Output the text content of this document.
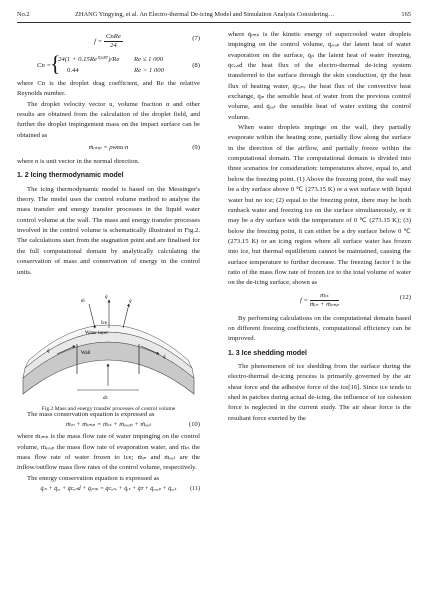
No.2	ZHANG Yingying, et al. An Electro-thermal De-icing Model and Simulation Analysis Considering…	165
$f = \frac{\text{CᴅRe}}{24}$	(7)
Cᴅ =
{
24(1 + 0.15Re⁰·⁶⁸⁷)/Re Re ≤ 1 000
0.44	Re > 1 000
(8)

where Cᴅ is the droplet drag coefficient, and Re the relative Reynolds number.

The droplet velocity vector u, volume fraction α and other results are obtained from the calculation of the droplet field, and further the droplet impingement mass on the impact surface can be obtained as

ṁᵢₘₚ = ρᴡαu·n	(9)

where n is unit vector in the normal direction.

1. 2 Icing thermodynamic model

The icing thermodynamic model is based on the Messinger's theory. The model uses the control volume method to analyse the mass transfer and energy transfer processes in the liquid water control volume at the wall. The mass and energy transfer processes involved in the control volume is schematically illustrated in Fig.2. The calculations start from the stagnation point and are finalised for the full computational domain by analytically calculating the conservation of mass and conservation of energy in the control units.

ṁ
q̇
q̇
q̇
q̇
dx
Ice
Water layer
Wall
Fig.2 Mass and energy transfer processes of control volume

The mass conservation equation is expressed as

ṁᵢₙ + ṁᵢₘₚ = ṁᵢₛ + ṁₑᵥₐₚ + ṁₒᵤₜ	(10)

where ṁᵢₘₚ is the mass flow rate of water impinging on the control volume, ṁₑᵥₐₚ the mass flow rate of evaporation water, and ṁᵢₛ the mass flow rate of water frozen to ice; ṁᵢₙ and ṁₒᵤₜ are the inflow/outflow mass flow rates of the control volume, respectively.

The energy conservation equation is expressed as

q̇ᵢₙ + q̇ₑₓ + q̇ᴄₒₙd + q̇ᵢₘₚ = q̇ᴄₒₙᵥ + q̇ᵢₛ + q̇ᴛ + q̇ₑᵥₐₚ + q̇ₒᵤₜ (11)

where q̇ᵢₘₚ is the kinetic energy of supercooled water droplets impinging on the control volume, q̇ₑᵥₐₚ the latent heat of water evaporation on the surface, q̇ᵢₛ the latent heat of water freezing, q̇ᴄₒₙd the heat flux of the electro-thermal de-icing system transferred to the surface through the skin conduction, q̇ᴛ the heat flux of heating water, q̇ᴄₒₙᵥ the heat flux of the convective heat exchange, q̇ᵢₙ the sensible heat of water from the previous control volume, and q̇ₒᵤₜ the sensible heat of water exiting the control volume.

When water droplets impinge on the wall, they partially evaporate within the heating zone, partially flow along the surface in the direction of the airflow, and partially freeze within the computational domain. The computational domain is divided into three scenarios for consideration: temperatures above, equal to, and below the freezing point. (1) Above the freezing point, the wall may be a dry surface above 0 ℃ (273.15 K) or a wet surface with liquid water but no ice; (2) equal to the freezing point, there may be both runback water and freezing ice on the surface simultaneously, or it may be a dry surface with the temperature of 0 ℃ (273.15 K); (3) below the freezing point, it can either be a dry surface below 0 ℃ (273.15 K) or an icing region where all surface water has frozen into ice, but thermal equilibrium cannot be maintained, causing the surface temperature to further decrease. The freezing factor f is the ratio of the mass flow rate of frozen ice to the total volume of water on the de-icing surface, shown as

$f = \frac{\text{ṁᵢₛ}}{\text{ṁᵢₙ + ṁᵢₘₚ}}$	(12)

By performing calculations on the computational domain based on different freezing coefficients, computational efficiency can be improved.

1. 3 Ice shedding model

The phenomenon of ice shedding from the surface during the electro-thermal de-icing process is primarily governed by the air shear force and the adhesive force of the ice[16]. Since ice tends to shed in patches during actual de-icing, the influence of ice cohesion force is neglected in the current study. The air shear force is the resultant force exerted by the
